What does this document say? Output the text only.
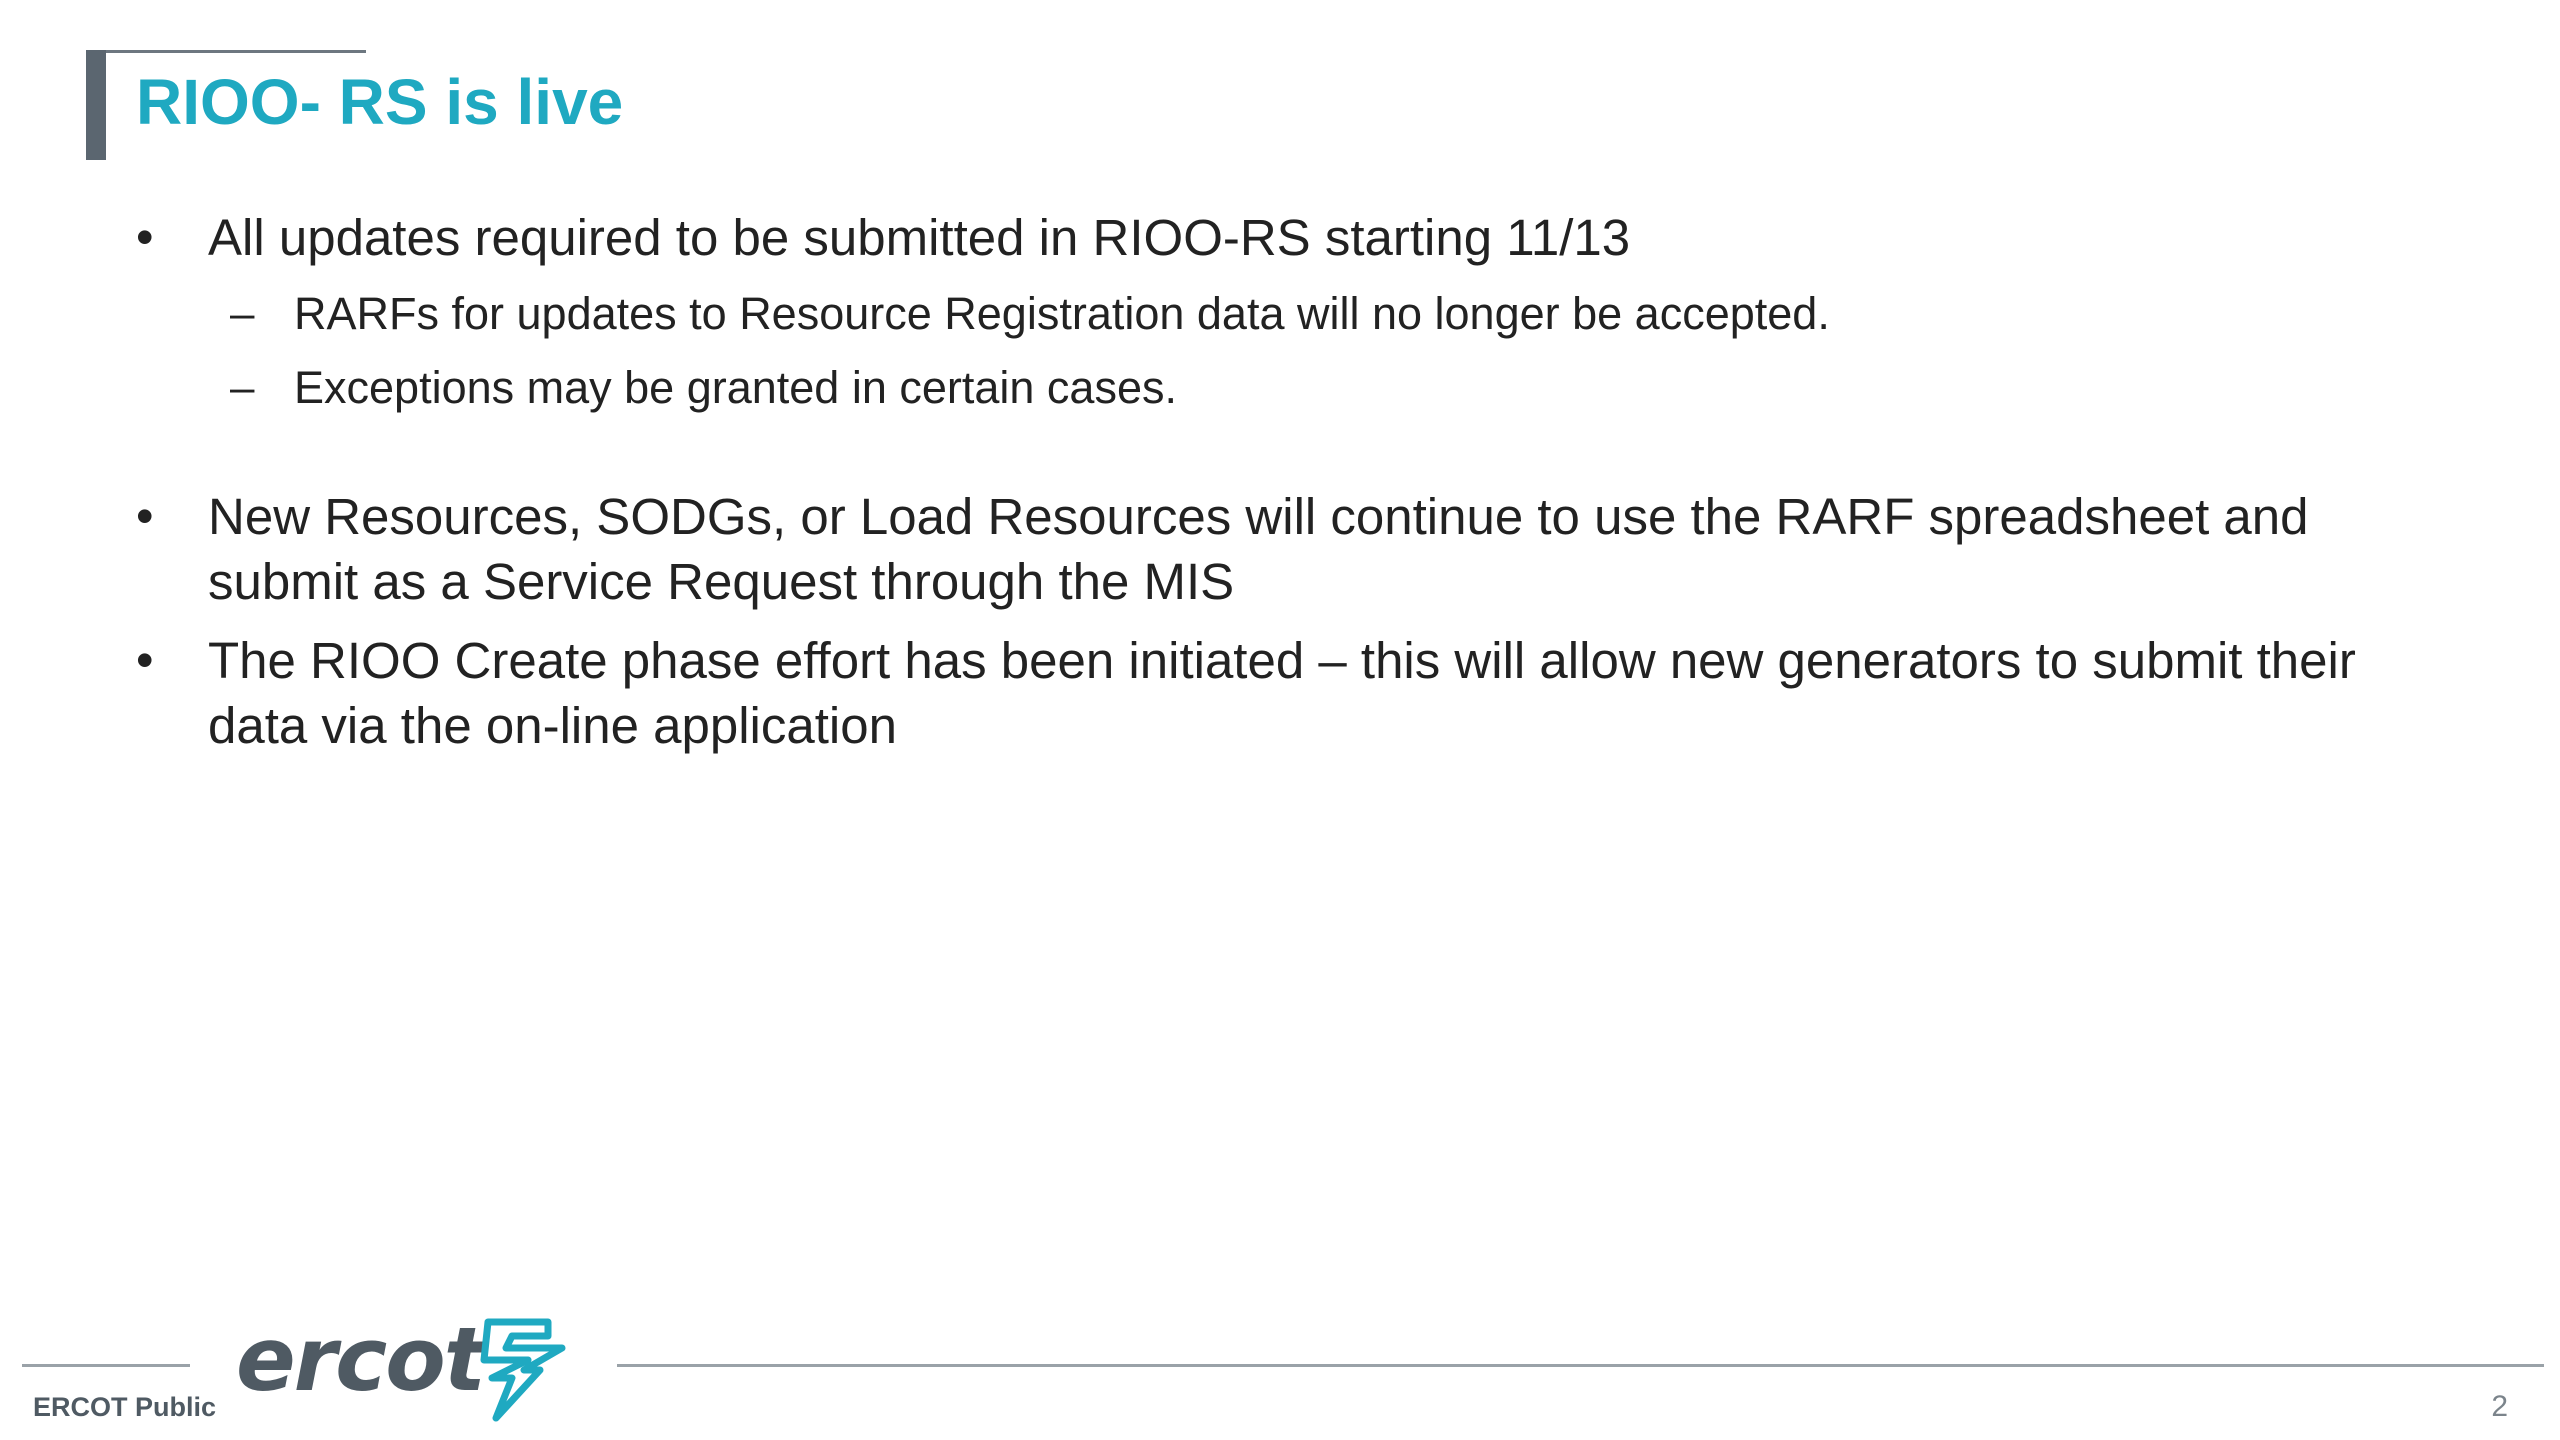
RIOO- RS is live
• All updates required to be submitted in RIOO-RS starting 11/13
– RARFs for updates to Resource Registration data will no longer be accepted.
– Exceptions may be granted in certain cases.
• New Resources, SODGs, or Load Resources will continue to use the RARF spreadsheet and submit as a Service Request through the MIS
• The RIOO Create phase effort has been initiated – this will allow new generators to submit their data via the on-line application
ercot
ERCOT Public	2
